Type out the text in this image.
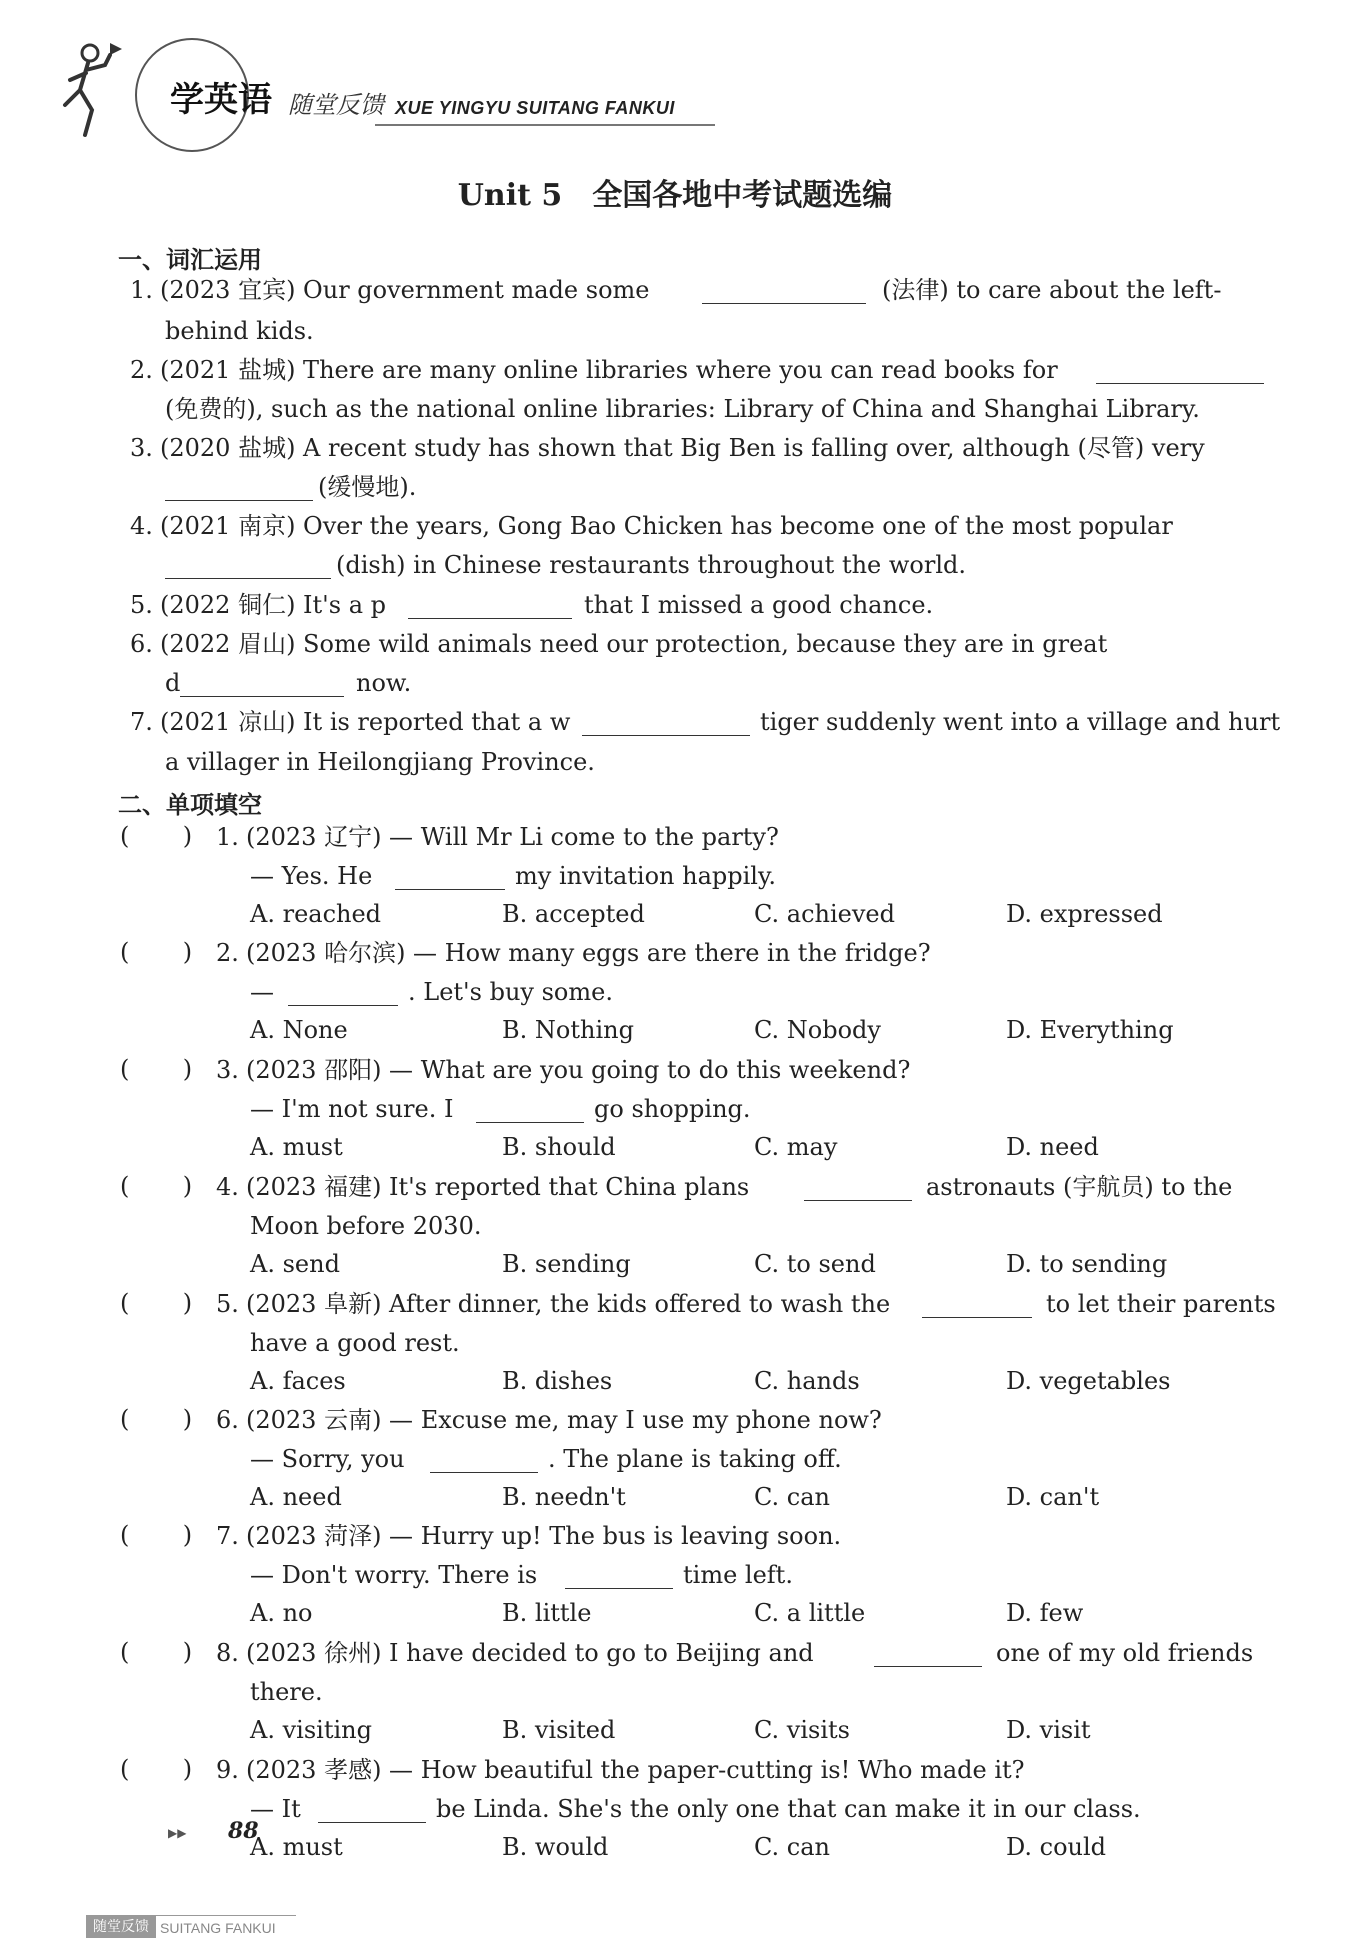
学英语 随堂反馈 XUE YINGYU SUITANG FANKUI
Unit 5　全国各地中考试题选编
一、词汇运用
1. (2023 宜宾) Our government made some	(法律) to care about the left-
behind kids.
2. (2021 盐城) There are many online libraries where you can read books for
(免费的), such as the national online libraries: Library of China and Shanghai Library.
3. (2020 盐城) A recent study has shown that Big Ben is falling over, although (尽管) very
(缓慢地).
4. (2021 南京) Over the years, Gong Bao Chicken has become one of the most popular
(dish) in Chinese restaurants throughout the world.
5. (2022 铜仁) It's a p	that I missed a good chance.
6. (2022 眉山) Some wild animals need our protection, because they are in great
d	now.
7. (2021 凉山) It is reported that a w	tiger suddenly went into a village and hurt
a villager in Heilongjiang Province.
二、单项填空
(       ) 1. (2023 辽宁) — Will Mr Li come to the party?
— Yes. He	my invitation happily.
A. reached	B. accepted	C. achieved	D. expressed
(       ) 2. (2023 哈尔滨) — How many eggs are there in the fridge?
—	. Let's buy some.
A. None	B. Nothing	C. Nobody	D. Everything
(       ) 3. (2023 邵阳) — What are you going to do this weekend?
— I'm not sure. I	go shopping.
A. must	B. should	C. may	D. need
(       ) 4. (2023 福建) It's reported that China plans	astronauts (宇航员) to the
Moon before 2030.
A. send	B. sending	C. to send	D. to sending
(       ) 5. (2023 阜新) After dinner, the kids offered to wash the	to let their parents
have a good rest.
A. faces	B. dishes	C. hands	D. vegetables
(       ) 6. (2023 云南) — Excuse me, may I use my phone now?
— Sorry, you	. The plane is taking off.
A. need	B. needn't	C. can	D. can't
(       ) 7. (2023 菏泽) — Hurry up! The bus is leaving soon.
— Don't worry. There is	time left.
A. no	B. little	C. a little	D. few
(       ) 8. (2023 徐州) I have decided to go to Beijing and	one of my old friends
there.
A. visiting	B. visited	C. visits	D. visit
(       ) 9. (2023 孝感) — How beautiful the paper-cutting is! Who made it?
— It	be Linda. She's the only one that can make it in our class.
A. must	B. would	C. can	D. could
▶▶ 88
随堂反馈 SUITANG FANKUI
